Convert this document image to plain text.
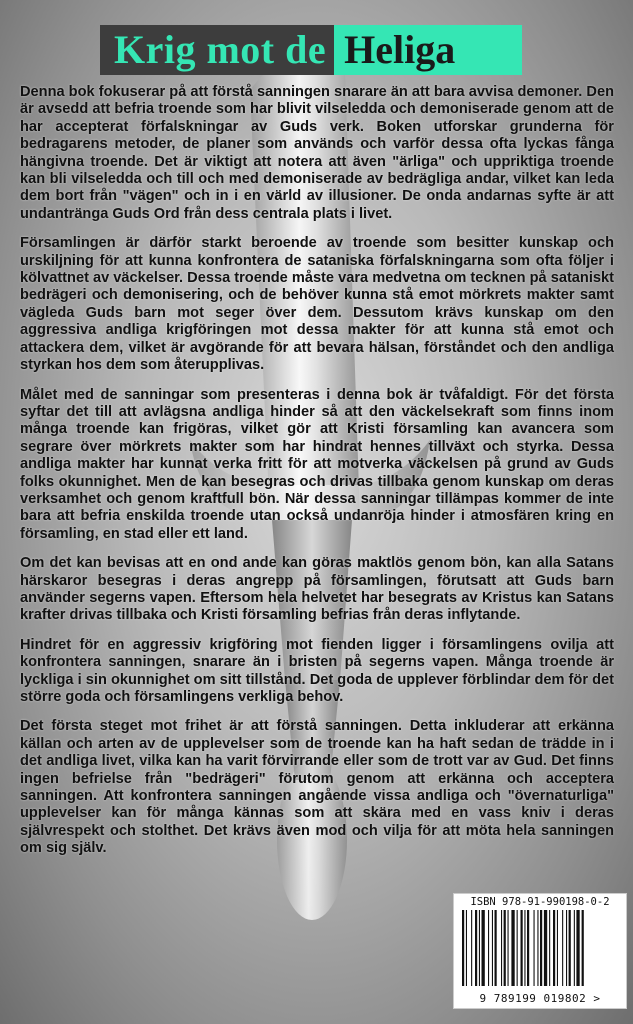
Krig mot de Heliga

Denna bok fokuserar på att förstå sanningen snarare än att bara avvisa demoner. Den är avsedd att befria troende som har blivit vilseledda och demoniserade genom att de har accepterat förfalskningar av Guds verk. Boken utforskar grunderna för bedragarens metoder, de planer som används och varför dessa ofta lyckas fånga hängivna troende. Det är viktigt att notera att även "ärliga" och uppriktiga troende kan bli vilseledda och till och med demoniserade av bedrägliga andar, vilket kan leda dem bort från "vägen" och in i en värld av illusioner. De onda andarnas syfte är att undantränga Guds Ord från dess centrala plats i livet.

Församlingen är därför starkt beroende av troende som besitter kunskap och urskiljning för att kunna konfrontera de sataniska förfalskningarna som ofta följer i kölvattnet av väckelser. Dessa troende måste vara medvetna om tecknen på sataniskt bedrägeri och demonisering, och de behöver kunna stå emot mörkrets makter samt vägleda Guds barn mot seger över dem. Dessutom krävs kunskap om den aggressiva andliga krigföringen mot dessa makter för att kunna stå emot och attackera dem, vilket är avgörande för att bevara hälsan, förståndet och den andliga styrkan hos dem som återupplivas.

Målet med de sanningar som presenteras i denna bok är tvåfaldigt. För det första syftar det till att avlägsna andliga hinder så att den väckelsekraft som finns inom många troende kan frigöras, vilket gör att Kristi församling kan avancera som segrare över mörkrets makter som har hindrat hennes tillväxt och styrka. Dessa andliga makter har kunnat verka fritt för att motverka väckelsen på grund av Guds folks okunnighet. Men de kan besegras och drivas tillbaka genom kunskap om deras verksamhet och genom kraftfull bön. När dessa sanningar tillämpas kommer de inte bara att befria enskilda troende utan också undanröja hinder i atmosfären kring en församling, en stad eller ett land.

Om det kan bevisas att en ond ande kan göras maktlös genom bön, kan alla Satans härskaror besegras i deras angrepp på församlingen, förutsatt att Guds barn använder segerns vapen. Eftersom hela helvetet har besegrats av Kristus kan Satans krafter drivas tillbaka och Kristi församling befrias från deras inflytande.

Hindret för en aggressiv krigföring mot fienden ligger i församlingens ovilja att konfrontera sanningen, snarare än i bristen på segerns vapen. Många troende är lyckliga i sin okunnighet om sitt tillstånd. Det goda de upplever förblindar dem för det större goda och församlingens verkliga behov.

Det första steget mot frihet är att förstå sanningen. Detta inkluderar att erkänna källan och arten av de upplevelser som de troende kan ha haft sedan de trädde in i det andliga livet, vilka kan ha varit förvirrande eller som de trott var av Gud. Det finns ingen befrielse från "bedrägeri" förutom genom att erkänna och acceptera sanningen. Att konfrontera sanningen angående vissa andliga och "övernaturliga" upplevelser kan för många kännas som att skära med en vass kniv i deras självrespekt och stolthet. Det krävs även mod och vilja för att möta hela sanningen om sig själv.

ISBN 978-91-990198-0-2
9 789199 019802 >
